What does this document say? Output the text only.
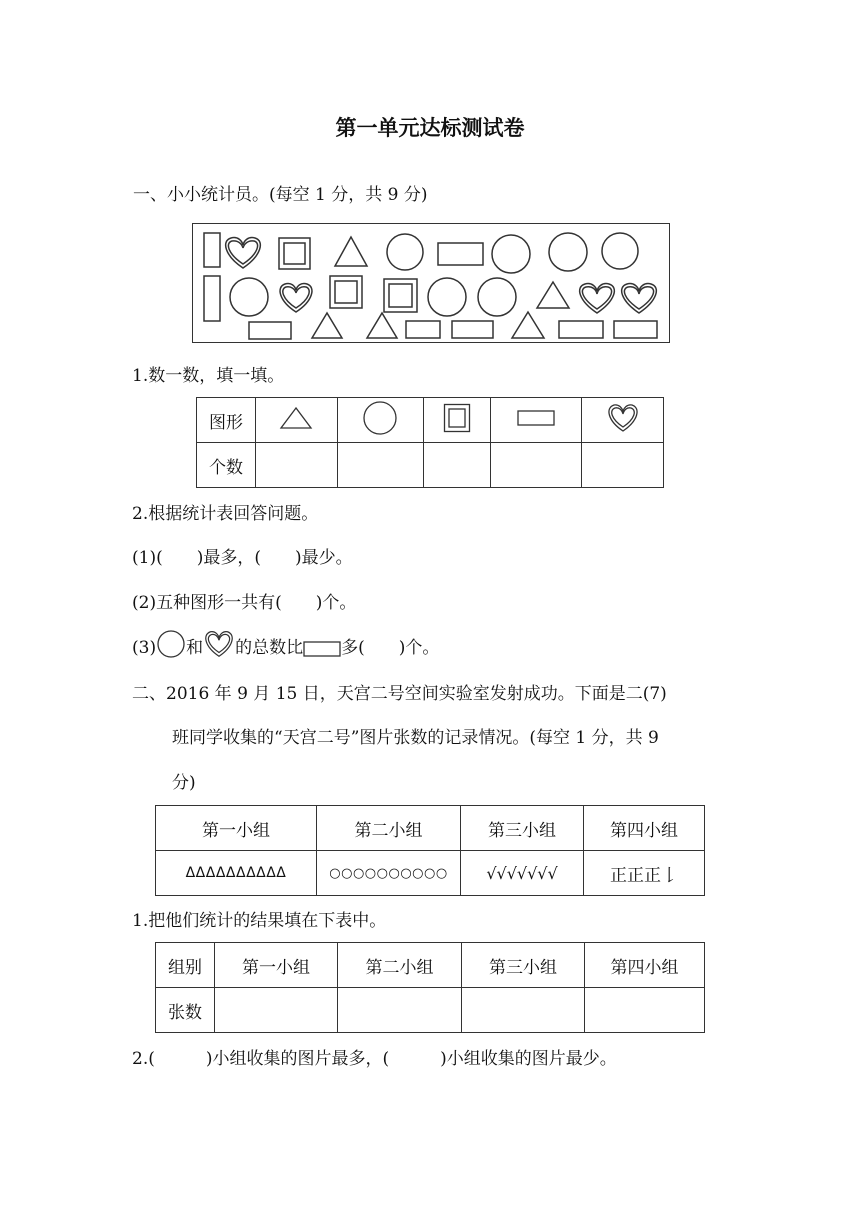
第一单元达标测试卷
一、小小统计员。(每空 1 分，共 9 分)
1.数一数，填一填。
图形					
个数					
2.根据统计表回答问题。
(1)(　　)最多，(　　)最少。
(2)五种图形一共有(　　)个。
(3) 和 的总数比 多(　　)个。
二、2016 年 9 月 15 日，天宫二号空间实验室发射成功。下面是二(7)
班同学收集的“天宫二号”图片张数的记录情况。(每空 1 分，共 9
分)
第一小组	第二小组	第三小组	第四小组
ΔΔΔΔΔΔΔΔΔΔ	○○○○○○○○○○	√√√√√√√	正正正𠄌
1.把他们统计的结果填在下表中。
组别	第一小组	第二小组	第三小组	第四小组
张数				
2.(　　　)小组收集的图片最多，(　　　)小组收集的图片最少。
